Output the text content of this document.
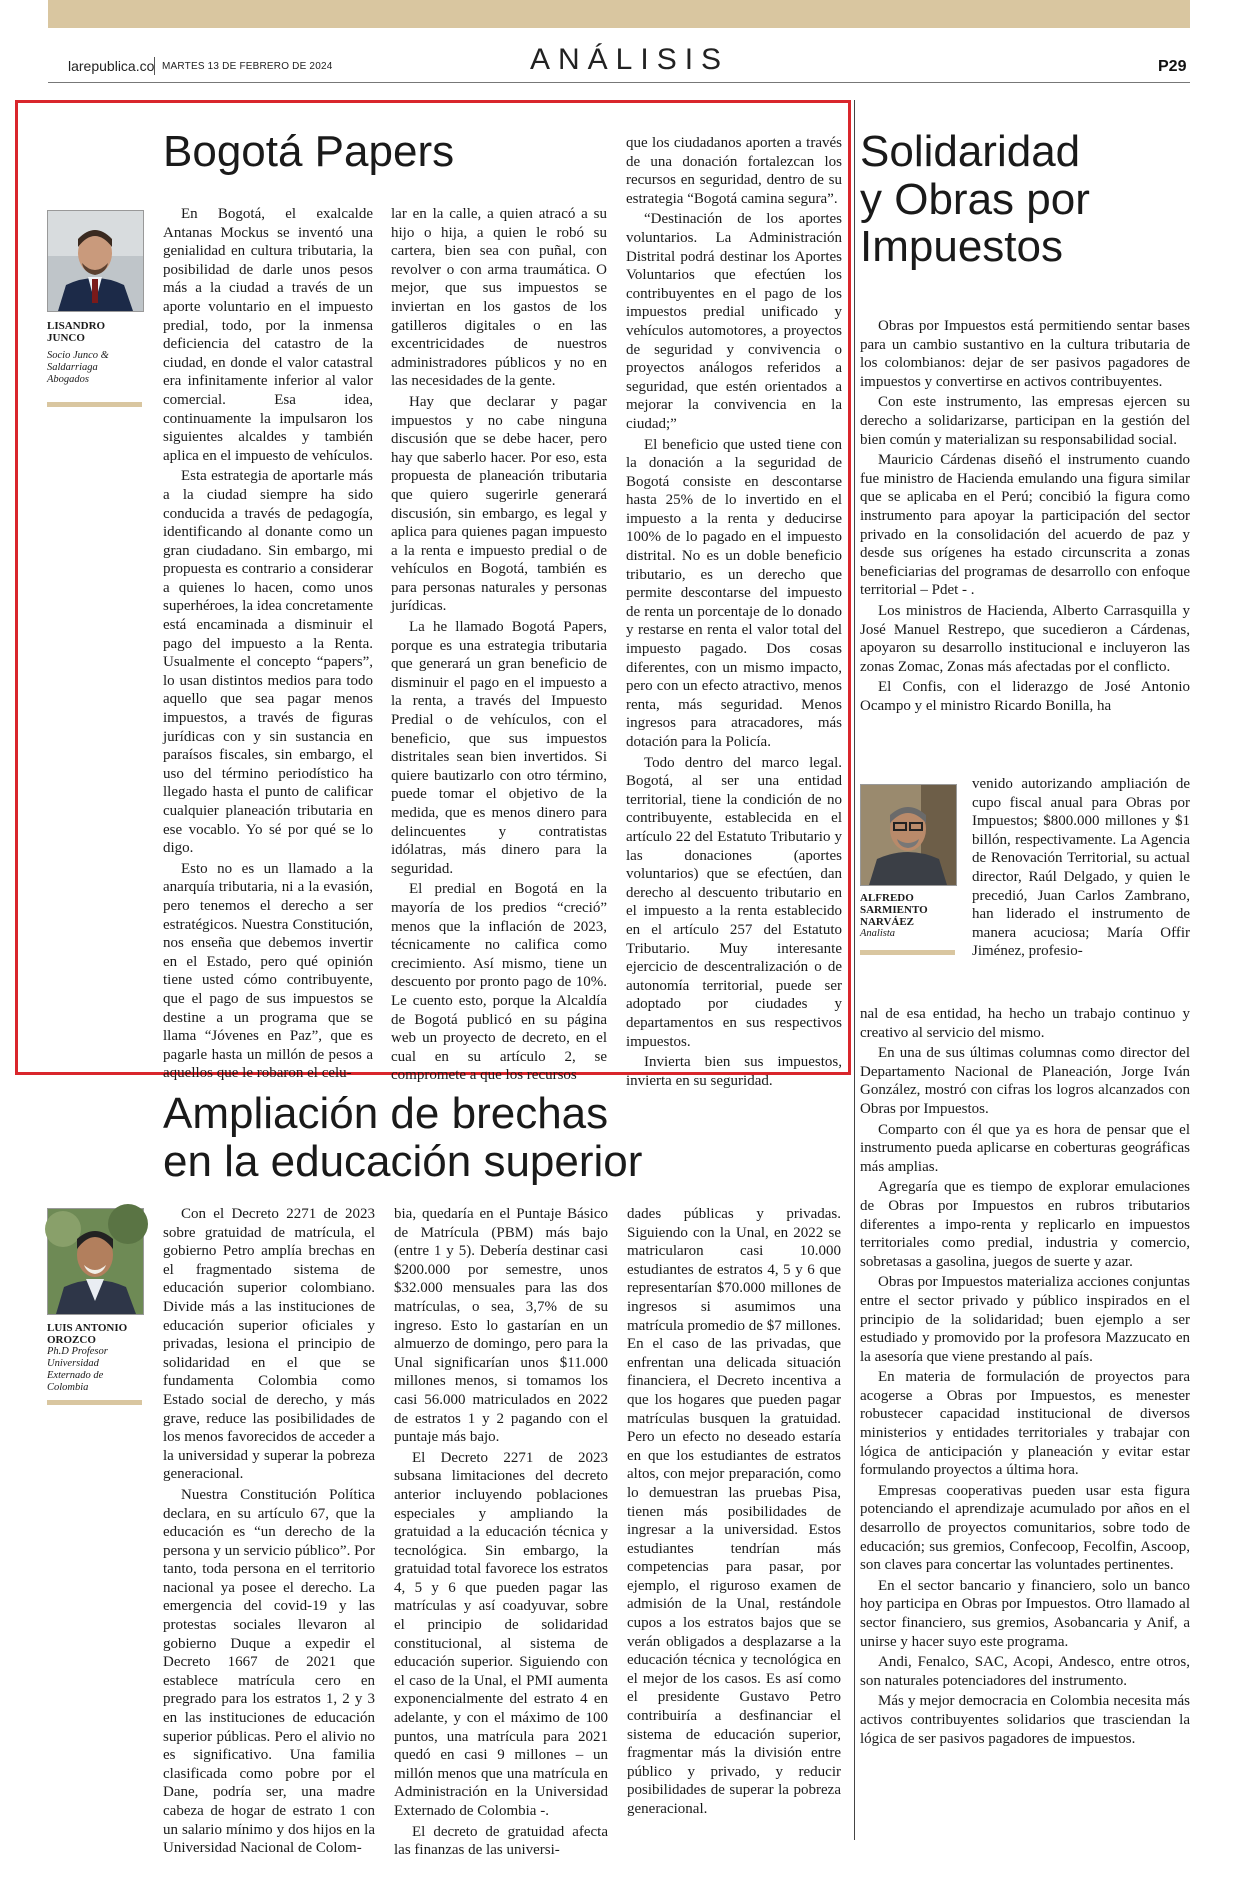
larepublica.co MARTES 13 DE FEBRERO DE 2024	ANÁLISIS	P29
Bogotá Papers
LISANDRO JUNCO
Socio Junco & Saldarriaga Abogados

En Bogotá, el exalcalde Antanas Mockus se inventó una genialidad en cultura tributaria, la posibilidad de darle unos pesos más a la ciudad a través de un aporte voluntario en el impuesto predial, todo, por la inmensa deficiencia del catastro de la ciudad, en donde el valor catastral era infinitamente inferior al valor comercial. Esa idea, continuamente la impulsaron los siguientes alcaldes y también aplica en el impuesto de vehículos.

Esta estrategia de aportarle más a la ciudad siempre ha sido conducida a través de pedagogía, identificando al donante como un gran ciudadano. Sin embargo, mi propuesta es contrario a considerar a quienes lo hacen, como unos superhéroes, la idea concretamente está encaminada a disminuir el pago del impuesto a la Renta. Usualmente el concepto “papers”, lo usan distintos medios para todo aquello que sea pagar menos impuestos, a través de figuras jurídicas con y sin sustancia en paraísos fiscales, sin embargo, el uso del término periodístico ha llegado hasta el punto de calificar cualquier planeación tributaria en ese vocablo. Yo sé por qué se lo digo.

Esto no es un llamado a la anarquía tributaria, ni a la evasión, pero tenemos el derecho a ser estratégicos. Nuestra Constitución, nos enseña que debemos invertir en el Estado, pero qué opinión tiene usted cómo contribuyente, que el pago de sus impuestos se destine a un programa que se llama “Jóvenes en Paz”, que es pagarle hasta un millón de pesos a aquellos que le robaron el celu-

lar en la calle, a quien atracó a su hijo o hija, a quien le robó su cartera, bien sea con puñal, con revolver o con arma traumática. O mejor, que sus impuestos se inviertan en los gastos de los gatilleros digitales o en las excentricidades de nuestros administradores públicos y no en las necesidades de la gente.

Hay que declarar y pagar impuestos y no cabe ninguna discusión que se debe hacer, pero hay que saberlo hacer. Por eso, esta propuesta de planeación tributaria que quiero sugerirle generará discusión, sin embargo, es legal y aplica para quienes pagan impuesto a la renta e impuesto predial o de vehículos en Bogotá, también es para personas naturales y personas jurídicas.

La he llamado Bogotá Papers, porque es una estrategia tributaria que generará un gran beneficio de disminuir el pago en el impuesto a la renta, a través del Impuesto Predial o de vehículos, con el beneficio, que sus impuestos distritales sean bien invertidos. Si quiere bautizarlo con otro término, puede tomar el objetivo de la medida, que es menos dinero para delincuentes y contratistas idólatras, más dinero para la seguridad.

El predial en Bogotá en la mayoría de los predios “creció” menos que la inflación de 2023, técnicamente no califica como crecimiento. Así mismo, tiene un descuento por pronto pago de 10%. Le cuento esto, porque la Alcaldía de Bogotá publicó en su página web un proyecto de decreto, en el cual en su artículo 2, se compromete a que los recursos

que los ciudadanos aporten a través de una donación fortalezcan los recursos en seguridad, dentro de su estrategia “Bogotá camina segura”.

“Destinación de los aportes voluntarios. La Administración Distrital podrá destinar los Aportes Voluntarios que efectúen los contribuyentes en el pago de los impuestos predial unificado y vehículos automotores, a proyectos de seguridad y convivencia o proyectos análogos referidos a seguridad, que estén orientados a mejorar la convivencia en la ciudad;”

El beneficio que usted tiene con la donación a la seguridad de Bogotá consiste en descontarse hasta 25% de lo invertido en el impuesto a la renta y deducirse 100% de lo pagado en el impuesto distrital. No es un doble beneficio tributario, es un derecho que permite descontarse del impuesto de renta un porcentaje de lo donado y restarse en renta el valor total del impuesto pagado. Dos cosas diferentes, con un mismo impacto, pero con un efecto atractivo, menos renta, más seguridad. Menos ingresos para atracadores, más dotación para la Policía.

Todo dentro del marco legal. Bogotá, al ser una entidad territorial, tiene la condición de no contribuyente, establecida en el artículo 22 del Estatuto Tributario y las donaciones (aportes voluntarios) que se efectúen, dan derecho al descuento tributario en el impuesto a la renta establecido en el artículo 257 del Estatuto Tributario. Muy interesante ejercicio de descentralización o de autonomía territorial, puede ser adoptado por ciudades y departamentos en sus respectivos impuestos.

Invierta bien sus impuestos, invierta en su seguridad.

Ampliación de brechas
en la educación superior
LUIS ANTONIO OROZCO
Ph.D Profesor Universidad Externado de Colombia

Con el Decreto 2271 de 2023 sobre gratuidad de matrícula, el gobierno Petro amplía brechas en el fragmentado sistema de educación superior colombiano. Divide más a las instituciones de educación superior oficiales y privadas, lesiona el principio de solidaridad en el que se fundamenta Colombia como Estado social de derecho, y más grave, reduce las posibilidades de los menos favorecidos de acceder a la universidad y superar la pobreza generacional.

Nuestra Constitución Política declara, en su artículo 67, que la educación es “un derecho de la persona y un servicio público”. Por tanto, toda persona en el territorio nacional ya posee el derecho. La emergencia del covid-19 y las protestas sociales llevaron al gobierno Duque a expedir el Decreto 1667 de 2021 que establece matrícula cero en pregrado para los estratos 1, 2 y 3 en las instituciones de educación superior públicas. Pero el alivio no es significativo. Una familia clasificada como pobre por el Dane, podría ser, una madre cabeza de hogar de estrato 1 con un salario mínimo y dos hijos en la Universidad Nacional de Colom-

bia, quedaría en el Puntaje Básico de Matrícula (PBM) más bajo (entre 1 y 5). Debería destinar casi $200.000 por semestre, unos $32.000 mensuales para las dos matrículas, o sea, 3,7% de su ingreso. Esto lo gastarían en un almuerzo de domingo, pero para la Unal significarían unos $11.000 millones menos, si tomamos los casi 56.000 matriculados en 2022 de estratos 1 y 2 pagando con el puntaje más bajo.

El Decreto 2271 de 2023 subsana limitaciones del decreto anterior incluyendo poblaciones especiales y ampliando la gratuidad a la educación técnica y tecnológica. Sin embargo, la gratuidad total favorece los estratos 4, 5 y 6 que pueden pagar las matrículas y así coadyuvar, sobre el principio de solidaridad constitucional, al sistema de educación superior. Siguiendo con el caso de la Unal, el PMI aumenta exponencialmente del estrato 4 en adelante, y con el máximo de 100 puntos, una matrícula para 2021 quedó en casi 9 millones – un millón menos que una matrícula en Administración en la Universidad Externado de Colombia -.

El decreto de gratuidad afecta las finanzas de las universi-

dades públicas y privadas. Siguiendo con la Unal, en 2022 se matricularon casi 10.000 estudiantes de estratos 4, 5 y 6 que representarían $70.000 millones de ingresos si asumimos una matrícula promedio de $7 millones. En el caso de las privadas, que enfrentan una delicada situación financiera, el Decreto incentiva a que los hogares que pueden pagar matrículas busquen la gratuidad. Pero un efecto no deseado estaría en que los estudiantes de estratos altos, con mejor preparación, como lo demuestran las pruebas Pisa, tienen más posibilidades de ingresar a la universidad. Estos estudiantes tendrían más competencias para pasar, por ejemplo, el riguroso examen de admisión de la Unal, restándole cupos a los estratos bajos que se verán obligados a desplazarse a la educación técnica y tecnológica en el mejor de los casos. Es así como el presidente Gustavo Petro contribuiría a desfinanciar el sistema de educación superior, fragmentar más la división entre público y privado, y reducir posibilidades de superar la pobreza generacional.

Solidaridad
y Obras por
Impuestos

Obras por Impuestos está permitiendo sentar bases para un cambio sustantivo en la cultura tributaria de los colombianos: dejar de ser pasivos pagadores de impuestos y convertirse en activos contribuyentes.

Con este instrumento, las empresas ejercen su derecho a solidarizarse, participan en la gestión del bien común y materializan su responsabilidad social.

Mauricio Cárdenas diseñó el instrumento cuando fue ministro de Hacienda emulando una figura similar que se aplicaba en el Perú; concibió la figura como instrumento para apoyar la participación del sector privado en la consolidación del acuerdo de paz y desde sus orígenes ha estado circunscrita a zonas beneficiarias del programas de desarrollo con enfoque territorial – Pdet - .

Los ministros de Hacienda, Alberto Carrasquilla y José Manuel Restrepo, que sucedieron a Cárdenas, apoyaron su desarrollo institucional e incluyeron las zonas Zomac, Zonas más afectadas por el conflicto.

El Confis, con el liderazgo de José Antonio Ocampo y el ministro Ricardo Bonilla, ha

ALFREDO SARMIENTO NARVÁEZ
Analista

venido autorizando ampliación de cupo fiscal anual para Obras por Impuestos; $800.000 millones y $1 billón, respectivamente. La Agencia de Renovación Territorial, su actual director, Raúl Delgado, y quien le precedió, Juan Carlos Zambrano, han liderado el instrumento de manera acuciosa; María Offir Jiménez, profesio-

nal de esa entidad, ha hecho un trabajo continuo y creativo al servicio del mismo.

En una de sus últimas columnas como director del Departamento Nacional de Planeación, Jorge Iván González, mostró con cifras los logros alcanzados con Obras por Impuestos.

Comparto con él que ya es hora de pensar que el instrumento pueda aplicarse en coberturas geográficas más amplias.

Agregaría que es tiempo de explorar emulaciones de Obras por Impuestos en rubros tributarios diferentes a impo-renta y replicarlo en impuestos territoriales como predial, industria y comercio, sobretasas a gasolina, juegos de suerte y azar.

Obras por Impuestos materializa acciones conjuntas entre el sector privado y público inspirados en el principio de la solidaridad; buen ejemplo a ser estudiado y promovido por la profesora Mazzucato en la asesoría que viene prestando al país.

En materia de formulación de proyectos para acogerse a Obras por Impuestos, es menester robustecer capacidad institucional de diversos ministerios y entidades territoriales y trabajar con lógica de anticipación y planeación y evitar estar formulando proyectos a última hora.

Empresas cooperativas pueden usar esta figura potenciando el aprendizaje acumulado por años en el desarrollo de proyectos comunitarios, sobre todo de educación; sus gremios, Confecoop, Fecolfin, Ascoop, son claves para concertar las voluntades pertinentes.

En el sector bancario y financiero, solo un banco hoy participa en Obras por Impuestos. Otro llamado al sector financiero, sus gremios, Asobancaria y Anif, a unirse y hacer suyo este programa.

Andi, Fenalco, SAC, Acopi, Andesco, entre otros, son naturales potenciadores del instrumento.

Más y mejor democracia en Colombia necesita más activos contribuyentes solidarios que trasciendan la lógica de ser pasivos pagadores de impuestos.
